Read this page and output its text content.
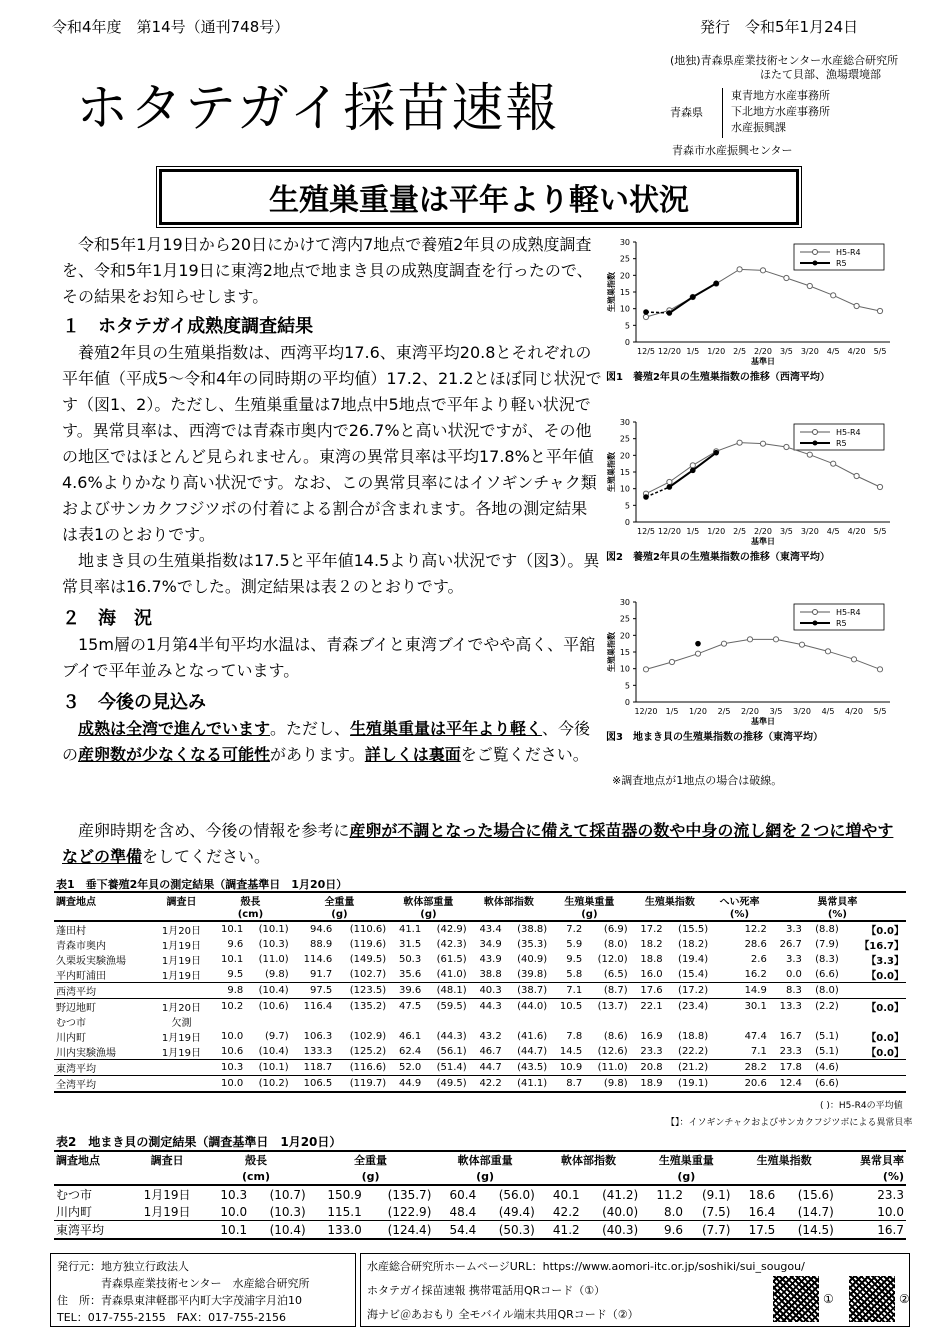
令和4年度　第14号（通刊748号）	発行　令和5年1月24日
ホタテガイ採苗速報
(地独)青森県産業技術センター水産総合研究所
ほたて貝部、漁場環境部
青森県
東青地方水産事務所
下北地方水産事務所
水産振興課
青森市水産振興センター
生殖巣重量は平年より軽い状況
令和5年1月19日から20日にかけて湾内7地点で養殖2年貝の成熟度調査を、令和5年1月19日に東湾2地点で地まき貝の成熟度調査を行ったので、その結果をお知らせします。
１　ホタテガイ成熟度調査結果
養殖2年貝の生殖巣指数は、西湾平均17.6、東湾平均20.8とそれぞれの平年値（平成5～令和4年の同時期の平均値）17.2、21.2とほぼ同じ状況です（図1、2）。ただし、生殖巣重量は7地点中5地点で平年より軽い状況です。異常貝率は、西湾では青森市奥内で26.7%と高い状況ですが、その他の地区ではほとんど見られません。東湾の異常貝率は平均17.8%と平年値4.6%よりかなり高い状況です。なお、この異常貝率にはイソギンチャク類およびサンカクフジツボの付着による割合が含まれます。各地の測定結果は表1のとおりです。
地まき貝の生殖巣指数は17.5と平年値14.5より高い状況です（図3）。異常貝率は16.7%でした。測定結果は表２のとおりです。
２　海　況
15m層の1月第4半旬平均水温は、青森ブイと東湾ブイでやや高く、平舘ブイで平年並みとなっています。
３　今後の見込み
成熟は全湾で進んでいます。ただし、生殖巣重量は平年より軽く、今後の産卵数が少なくなる可能性があります。詳しくは裏面をご覧ください。
産卵時期を含め、今後の情報を参考に産卵が不調となった場合に備えて採苗器の数や中身の流し網を２つに増やすなどの準備をしてください。
0
5
10
15
20
25
30
12/5 12/20 1/5 1/20 2/5 2/20 3/5 3/20 4/5 4/20 5/5
基準日
生殖巣指数
図1　養殖2年貝の生殖巣指数の推移（西湾平均）
H5-R4
R5
0
5
10
15
20
25
30
12/5 12/20 1/5 1/20 2/5 2/20 3/5 3/20 4/5 4/20 5/5
基準日
生殖巣指数
図2　養殖2年貝の生殖巣指数の推移（東湾平均）
H5-R4
R5
0
5
10
15
20
25
30
12/20 1/5 1/20 2/5 2/20 3/5 3/20 4/5 4/20 5/5
基準日
生殖巣指数
図3　地まき貝の生殖巣指数の推移（東湾平均）
H5-R4
R5
※調査地点が1地点の場合は破線。
表1　垂下養殖2年貝の測定結果（調査基準日　1月20日）
調査地点	調査日	殻長		全重量		軟体部重量		軟体部指数		生殖巣重量		生殖巣指数		へい死率	異常貝率		
		(cm)		(g)		(g)				(g)				(%)	(%)		
蓬田村	1月20日	10.1	(10.1)	94.6	(110.6)	41.1	(42.9)	43.4	(38.8)	7.2	(6.9)	17.2	(15.5)	12.2	3.3	(8.8)	【0.0】
青森市奥内	1月19日	9.6	(10.3)	88.9	(119.6)	31.5	(42.3)	34.9	(35.3)	5.9	(8.0)	18.2	(18.2)	28.6	26.7	(7.9)	【16.7】
久栗坂実験漁場	1月19日	10.1	(11.0)	114.6	(149.5)	50.3	(61.5)	43.9	(40.9)	9.5	(12.0)	18.8	(19.4)	2.6	3.3	(8.3)	【3.3】
平内町浦田	1月19日	9.5	(9.8)	91.7	(102.7)	35.6	(41.0)	38.8	(39.8)	5.8	(6.5)	16.0	(15.4)	16.2	0.0	(6.6)	【0.0】
西湾平均		9.8	(10.4)	97.5	(123.5)	39.6	(48.1)	40.3	(38.7)	7.1	(8.7)	17.6	(17.2)	14.9	8.3	(8.0)	
野辺地町	1月20日	10.2	(10.6)	116.4	(135.2)	47.5	(59.5)	44.3	(44.0)	10.5	(13.7)	22.1	(23.4)	30.1	13.3	(2.2)	【0.0】
むつ市	欠測																
川内町	1月19日	10.0	(9.7)	106.3	(102.9)	46.1	(44.3)	43.2	(41.6)	7.8	(8.6)	16.9	(18.8)	47.4	16.7	(5.1)	【0.0】
川内実験漁場	1月19日	10.6	(10.4)	133.3	(125.2)	62.4	(56.1)	46.7	(44.7)	14.5	(12.6)	23.3	(22.2)	7.1	23.3	(5.1)	【0.0】
東湾平均		10.3	(10.1)	118.7	(116.6)	52.0	(51.4)	44.7	(43.5)	10.9	(11.0)	20.8	(21.2)	28.2	17.8	(4.6)	
全湾平均		10.0	(10.2)	106.5	(119.7)	44.9	(49.5)	42.2	(41.1)	8.7	(9.8)	18.9	(19.1)	20.6	12.4	(6.6)	
( )：H5-R4の平均値
【】：イソギンチャクおよびサンカクフジツボによる異常貝率
表2　地まき貝の測定結果（調査基準日　1月20日）
調査地点	調査日	殻長		全重量		軟体部重量		軟体部指数		生殖巣重量		生殖巣指数		異常貝率
		(cm)		(g)		(g)				(g)				(%)
むつ市	1月19日	10.3	(10.7)	150.9	(135.7)	60.4	(56.0)	40.1	(41.2)	11.2	(9.1)	18.6	(15.6)	23.3
川内町	1月19日	10.0	(10.3)	115.1	(122.9)	48.4	(49.4)	42.2	(40.0)	8.0	(7.5)	16.4	(14.7)	10.0
東湾平均		10.1	(10.4)	133.0	(124.4)	54.4	(50.3)	41.2	(40.3)	9.6	(7.7)	17.5	(14.5)	16.7
発行元：地方独立行政法人
青森県産業技術センター　水産総合研究所
住　所：青森県東津軽郡平内町大字茂浦字月泊10
TEL：017-755-2155　FAX：017-755-2156
水産総合研究所ホームページURL：https://www.aomori-itc.or.jp/soshiki/sui_sougou/
ホタテガイ採苗速報 携帯電話用QRコード（①）
海ナビ＠あおもり 全モバイル端末共用QRコード（②）
①	②
